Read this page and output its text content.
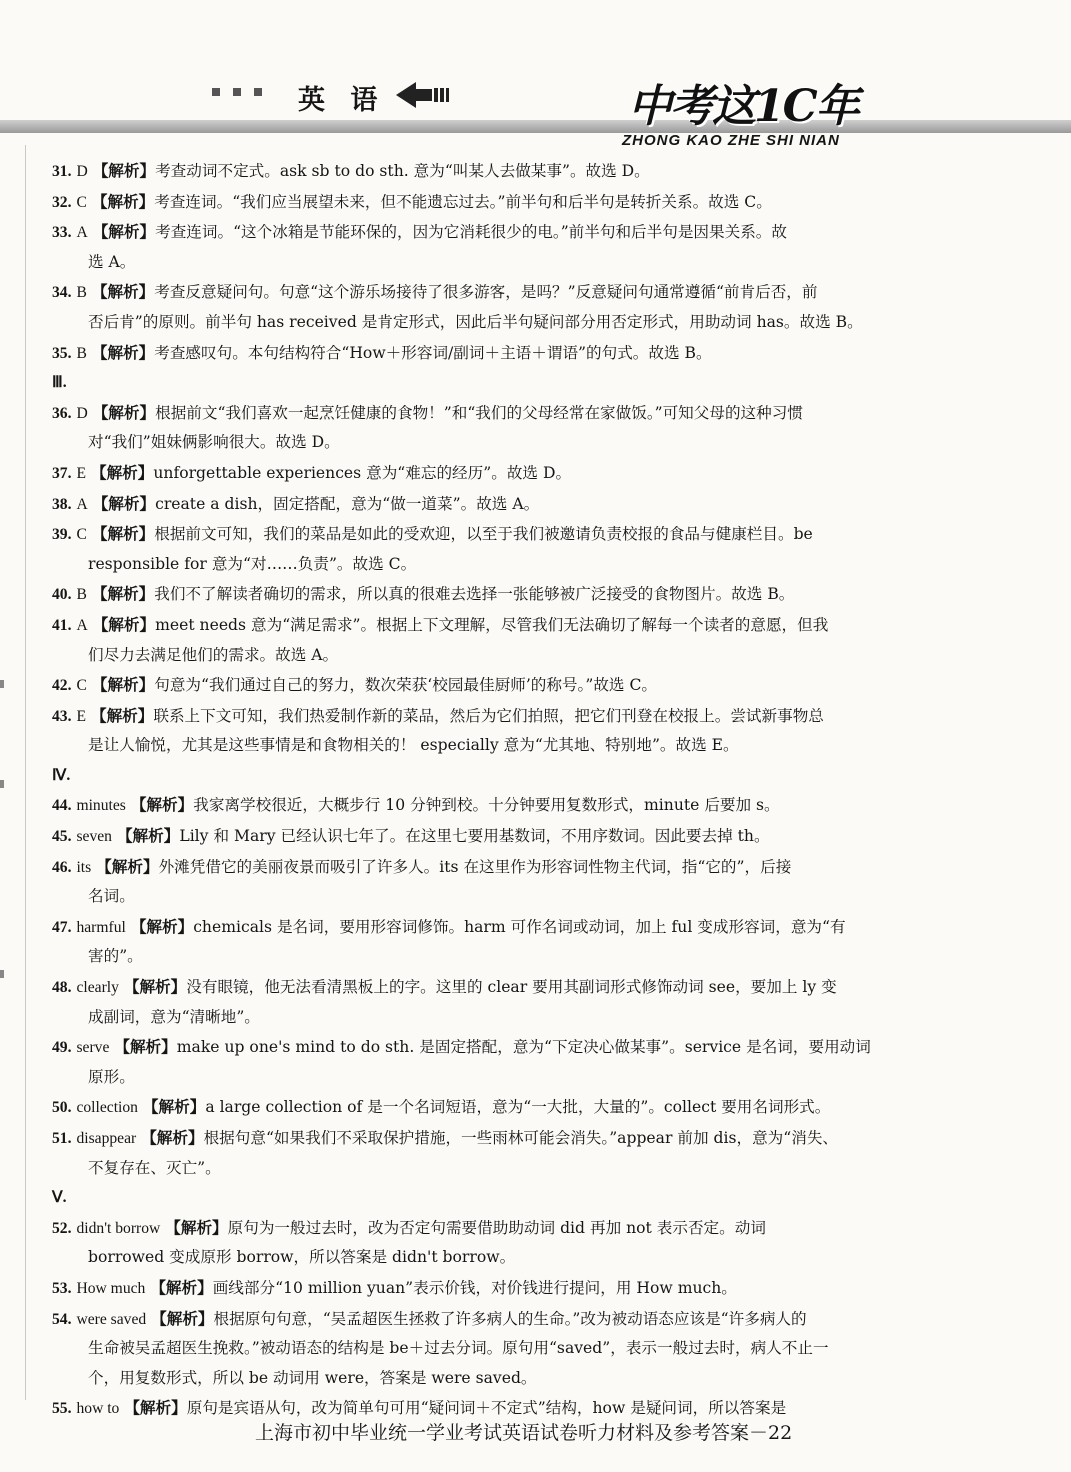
英 语	中考这1C年
ZHONG KAO ZHE SHI NIAN
31. D 【解析】考查动词不定式。ask sb to do sth. 意为“叫某人去做某事”。故选 D。
32. C 【解析】考查连词。“我们应当展望未来，但不能遗忘过去。”前半句和后半句是转折关系。故选 C。
33. A 【解析】考查连词。“这个冰箱是节能环保的，因为它消耗很少的电。”前半句和后半句是因果关系。故
选 A。
34. B 【解析】考查反意疑问句。句意“这个游乐场接待了很多游客，是吗？”反意疑问句通常遵循“前肯后否，前
否后肯”的原则。前半句 has received 是肯定形式，因此后半句疑问部分用否定形式，用助动词 has。故选 B。
35. B 【解析】考查感叹句。本句结构符合“How＋形容词/副词＋主语＋谓语”的句式。故选 B。
Ⅲ.
36. D 【解析】根据前文“我们喜欢一起烹饪健康的食物！”和“我们的父母经常在家做饭。”可知父母的这种习惯
对“我们”姐妹俩影响很大。故选 D。
37. E 【解析】unforgettable experiences 意为“难忘的经历”。故选 D。
38. A 【解析】create a dish，固定搭配，意为“做一道菜”。故选 A。
39. C 【解析】根据前文可知，我们的菜品是如此的受欢迎，以至于我们被邀请负责校报的食品与健康栏目。be
responsible for 意为“对……负责”。故选 C。
40. B 【解析】我们不了解读者确切的需求，所以真的很难去选择一张能够被广泛接受的食物图片。故选 B。
41. A 【解析】meet needs 意为“满足需求”。根据上下文理解，尽管我们无法确切了解每一个读者的意愿，但我
们尽力去满足他们的需求。故选 A。
42. C 【解析】句意为“我们通过自己的努力，数次荣获‘校园最佳厨师’的称号。”故选 C。
43. E 【解析】联系上下文可知，我们热爱制作新的菜品，然后为它们拍照，把它们刊登在校报上。尝试新事物总
是让人愉悦，尤其是这些事情是和食物相关的！ especially 意为“尤其地、特别地”。故选 E。
Ⅳ.
44. minutes 【解析】我家离学校很近，大概步行 10 分钟到校。十分钟要用复数形式，minute 后要加 s。
45. seven 【解析】Lily 和 Mary 已经认识七年了。在这里七要用基数词，不用序数词。因此要去掉 th。
46. its 【解析】外滩凭借它的美丽夜景而吸引了许多人。its 在这里作为形容词性物主代词，指“它的”，后接
名词。
47. harmful 【解析】chemicals 是名词，要用形容词修饰。harm 可作名词或动词，加上 ful 变成形容词，意为“有
害的”。
48. clearly 【解析】没有眼镜，他无法看清黑板上的字。这里的 clear 要用其副词形式修饰动词 see，要加上 ly 变
成副词，意为“清晰地”。
49. serve 【解析】make up one's mind to do sth. 是固定搭配，意为“下定决心做某事”。service 是名词，要用动词
原形。
50. collection 【解析】a large collection of 是一个名词短语，意为“一大批，大量的”。collect 要用名词形式。
51. disappear 【解析】根据句意“如果我们不采取保护措施，一些雨林可能会消失。”appear 前加 dis，意为“消失、
不复存在、灭亡”。
Ⅴ.
52. didn't borrow 【解析】原句为一般过去时，改为否定句需要借助助动词 did 再加 not 表示否定。动词
borrowed 变成原形 borrow，所以答案是 didn't borrow。
53. How much 【解析】画线部分“10 million yuan”表示价钱，对价钱进行提问，用 How much。
54. were saved 【解析】根据原句句意，“吴孟超医生拯救了许多病人的生命。”改为被动语态应该是“许多病人的
生命被吴孟超医生挽救。”被动语态的结构是 be＋过去分词。原句用“saved”，表示一般过去时，病人不止一
个，用复数形式，所以 be 动词用 were，答案是 were saved。
55. how to 【解析】原句是宾语从句，改为简单句可用“疑问词＋不定式”结构，how 是疑问词，所以答案是
上海市初中毕业统一学业考试英语试卷听力材料及参考答案－22
